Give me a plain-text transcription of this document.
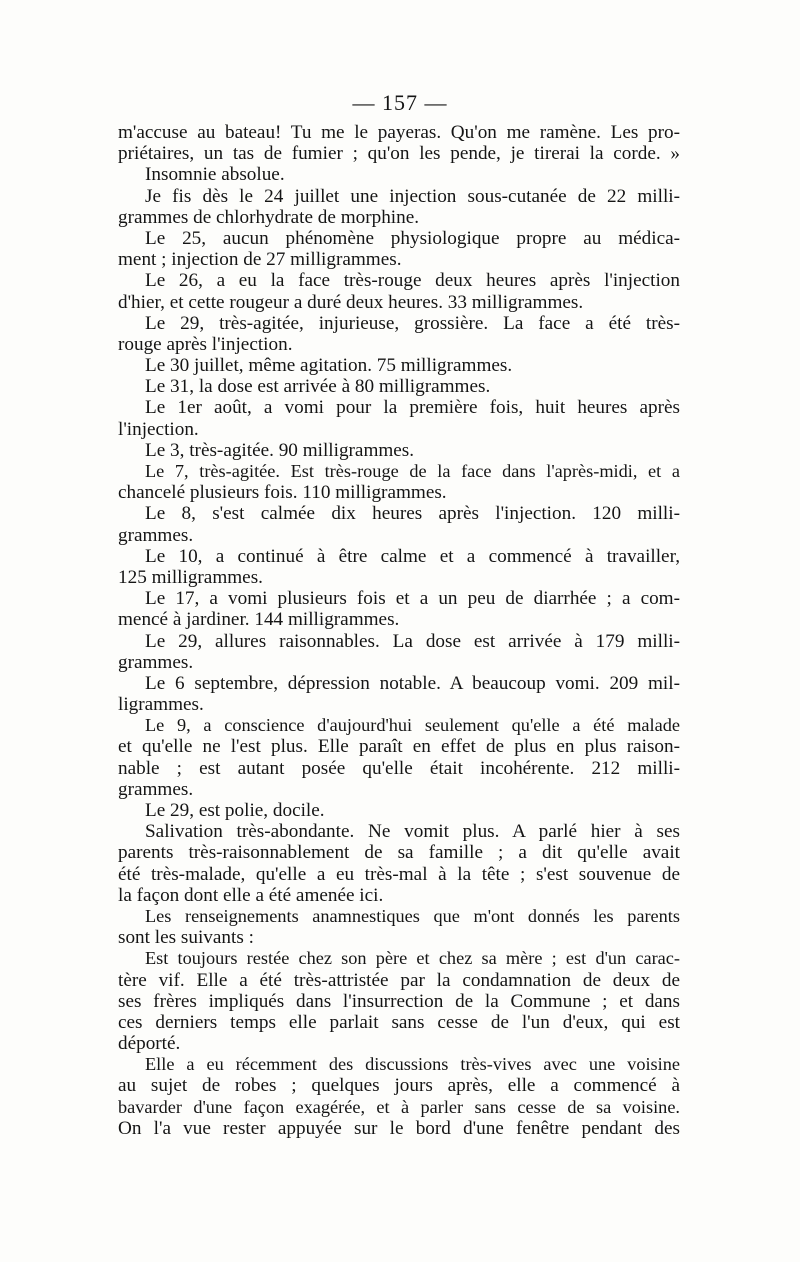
— 157 —
m'accuse au bateau! Tu me le payeras. Qu'on me ramène. Les pro-
priétaires, un tas de fumier ; qu'on les pende, je tirerai la corde. »
Insomnie absolue.
Je fis dès le 24 juillet une injection sous-cutanée de 22 milli-
grammes de chlorhydrate de morphine.
Le 25, aucun phénomène physiologique propre au médica-
ment ; injection de 27 milligrammes.
Le 26, a eu la face très-rouge deux heures après l'injection
d'hier, et cette rougeur a duré deux heures. 33 milligrammes.
Le 29, très-agitée, injurieuse, grossière. La face a été très-
rouge après l'injection.
Le 30 juillet, même agitation. 75 milligrammes.
Le 31, la dose est arrivée à 80 milligrammes.
Le 1er août, a vomi pour la première fois, huit heures après
l'injection.
Le 3, très-agitée. 90 milligrammes.
Le 7, très-agitée. Est très-rouge de la face dans l'après-midi, et a
chancelé plusieurs fois. 110 milligrammes.
Le 8, s'est calmée dix heures après l'injection. 120 milli-
grammes.
Le 10, a continué à être calme et a commencé à travailler,
125 milligrammes.
Le 17, a vomi plusieurs fois et a un peu de diarrhée ; a com-
mencé à jardiner. 144 milligrammes.
Le 29, allures raisonnables. La dose est arrivée à 179 milli-
grammes.
Le 6 septembre, dépression notable. A beaucoup vomi. 209 mil-
ligrammes.
Le 9, a conscience d'aujourd'hui seulement qu'elle a été malade
et qu'elle ne l'est plus. Elle paraît en effet de plus en plus raison-
nable ; est autant posée qu'elle était incohérente. 212 milli-
grammes.
Le 29, est polie, docile.
Salivation très-abondante. Ne vomit plus. A parlé hier à ses
parents très-raisonnablement de sa famille ; a dit qu'elle avait
été très-malade, qu'elle a eu très-mal à la tête ; s'est souvenue de
la façon dont elle a été amenée ici.
Les renseignements anamnestiques que m'ont donnés les parents
sont les suivants :
Est toujours restée chez son père et chez sa mère ; est d'un carac-
tère vif. Elle a été très-attristée par la condamnation de deux de
ses frères impliqués dans l'insurrection de la Commune ; et dans
ces derniers temps elle parlait sans cesse de l'un d'eux, qui est
déporté.
Elle a eu récemment des discussions très-vives avec une voisine
au sujet de robes ; quelques jours après, elle a commencé à
bavarder d'une façon exagérée, et à parler sans cesse de sa voisine.
On l'a vue rester appuyée sur le bord d'une fenêtre pendant des
